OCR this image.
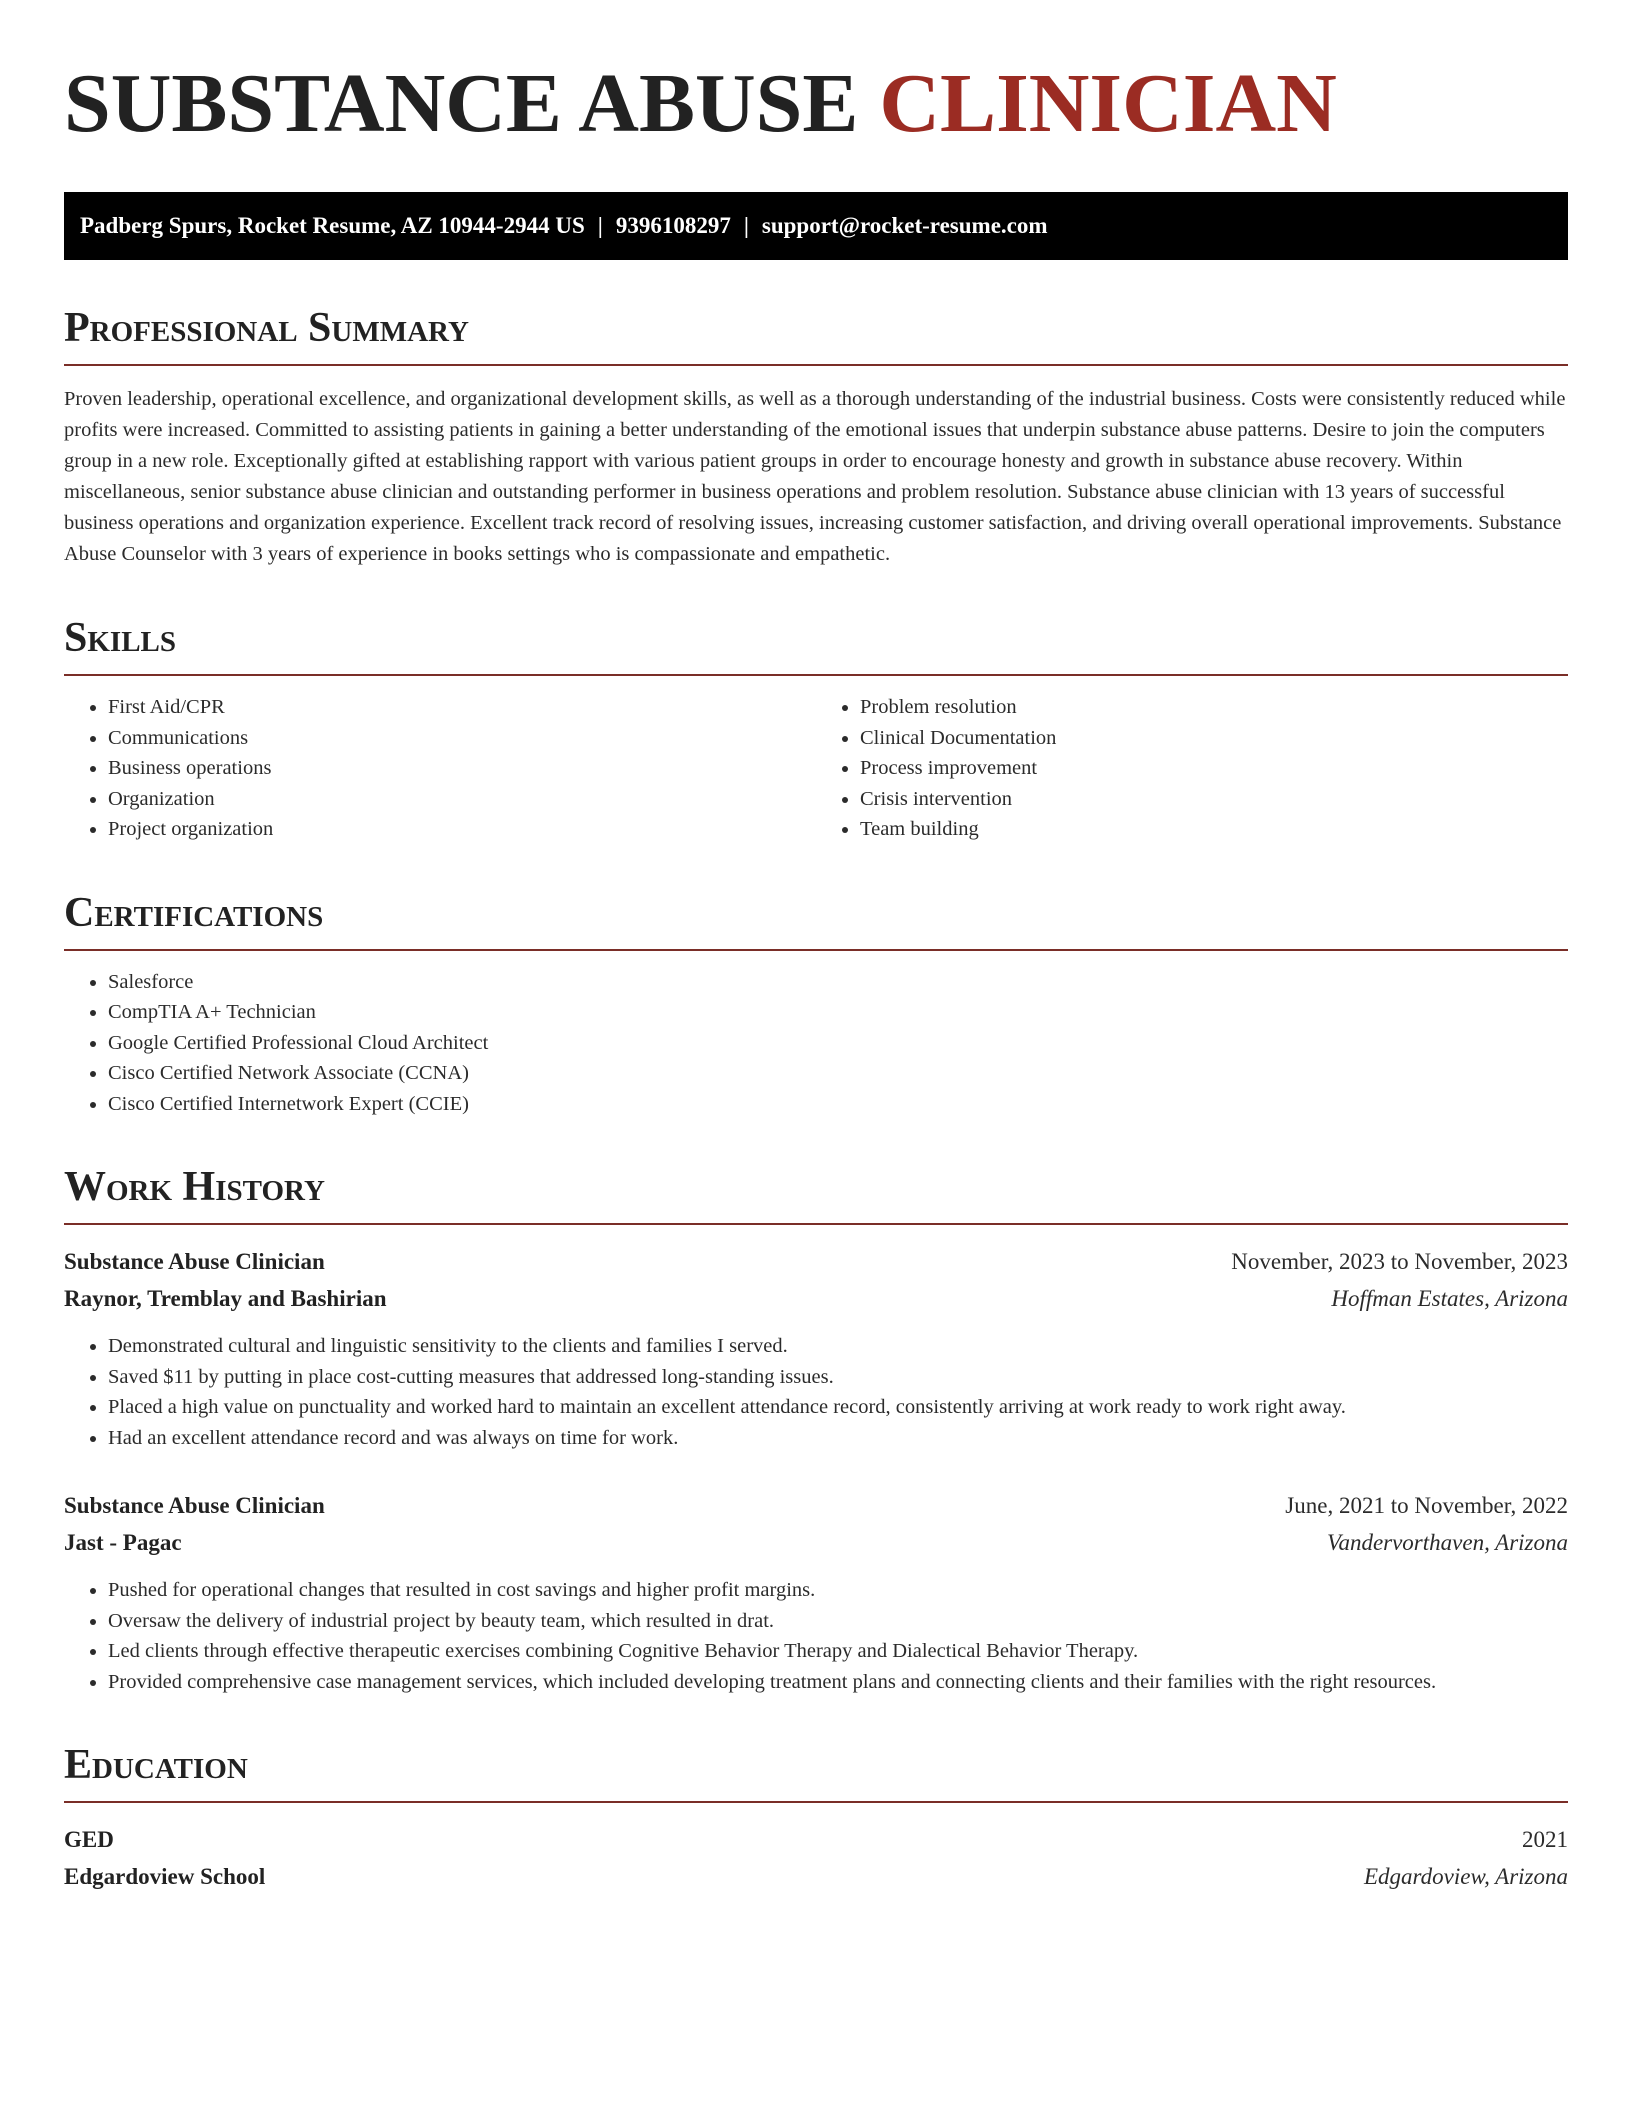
SUBSTANCE ABUSE CLINICIAN
Padberg Spurs, Rocket Resume, AZ 10944-2944 US | 9396108297 | support@rocket-resume.com
Professional Summary

Proven leadership, operational excellence, and organizational development skills, as well as a thorough understanding of the industrial business. Costs were consistently reduced while profits were increased. Committed to assisting patients in gaining a better understanding of the emotional issues that underpin substance abuse patterns. Desire to join the computers group in a new role. Exceptionally gifted at establishing rapport with various patient groups in order to encourage honesty and growth in substance abuse recovery. Within miscellaneous, senior substance abuse clinician and outstanding performer in business operations and problem resolution. Substance abuse clinician with 13 years of successful business operations and organization experience. Excellent track record of resolving issues, increasing customer satisfaction, and driving overall operational improvements. Substance Abuse Counselor with 3 years of experience in books settings who is compassionate and empathetic.

Skills
• First Aid/CPR
• Communications
• Business operations
• Organization
• Project organization
• Problem resolution
• Clinical Documentation
• Process improvement
• Crisis intervention
• Team building
Certifications
• Salesforce
• CompTIA A+ Technician
• Google Certified Professional Cloud Architect
• Cisco Certified Network Associate (CCNA)
• Cisco Certified Internetwork Expert (CCIE)
Work History
Substance Abuse Clinician	November, 2023 to November, 2023
Raynor, Tremblay and Bashirian	Hoffman Estates, Arizona
• Demonstrated cultural and linguistic sensitivity to the clients and families I served.
• Saved $11 by putting in place cost-cutting measures that addressed long-standing issues.
• Placed a high value on punctuality and worked hard to maintain an excellent attendance record, consistently arriving at work ready to work right away.
• Had an excellent attendance record and was always on time for work.
Substance Abuse Clinician	June, 2021 to November, 2022
Jast - Pagac	Vandervorthaven, Arizona
• Pushed for operational changes that resulted in cost savings and higher profit margins.
• Oversaw the delivery of industrial project by beauty team, which resulted in drat.
• Led clients through effective therapeutic exercises combining Cognitive Behavior Therapy and Dialectical Behavior Therapy.
• Provided comprehensive case management services, which included developing treatment plans and connecting clients and their families with the right resources.
Education
GED	2021
Edgardoview School	Edgardoview, Arizona
